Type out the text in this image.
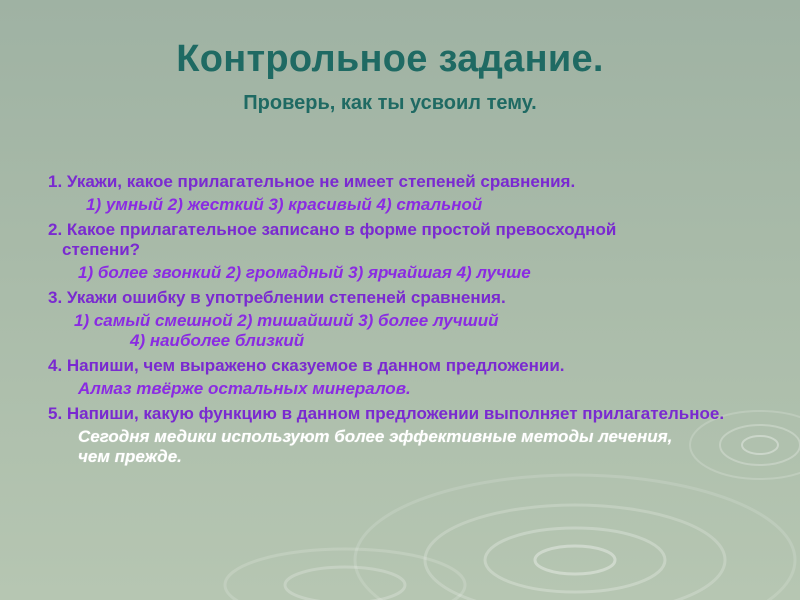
Контрольное задание.
Проверь, как ты усвоил тему.

1. Укажи, какое прилагательное не имеет степеней сравнения.

1) умный 2) жесткий 3) красивый 4) стальной

2. Какое прилагательное записано в форме простой превосходной степени?

1) более звонкий 2) громадный 3) ярчайшая 4) лучше

3. Укажи ошибку в употреблении степеней сравнения.

1) самый смешной 2) тишайший 3) более лучший

4) наиболее близкий

4. Напиши, чем выражено сказуемое в данном предложении.

Алмаз твёрже остальных минералов.

5. Напиши, какую функцию в данном предложении выполняет прилагательное.

Сегодня медики используют более эффективные методы лечения, чем прежде.
